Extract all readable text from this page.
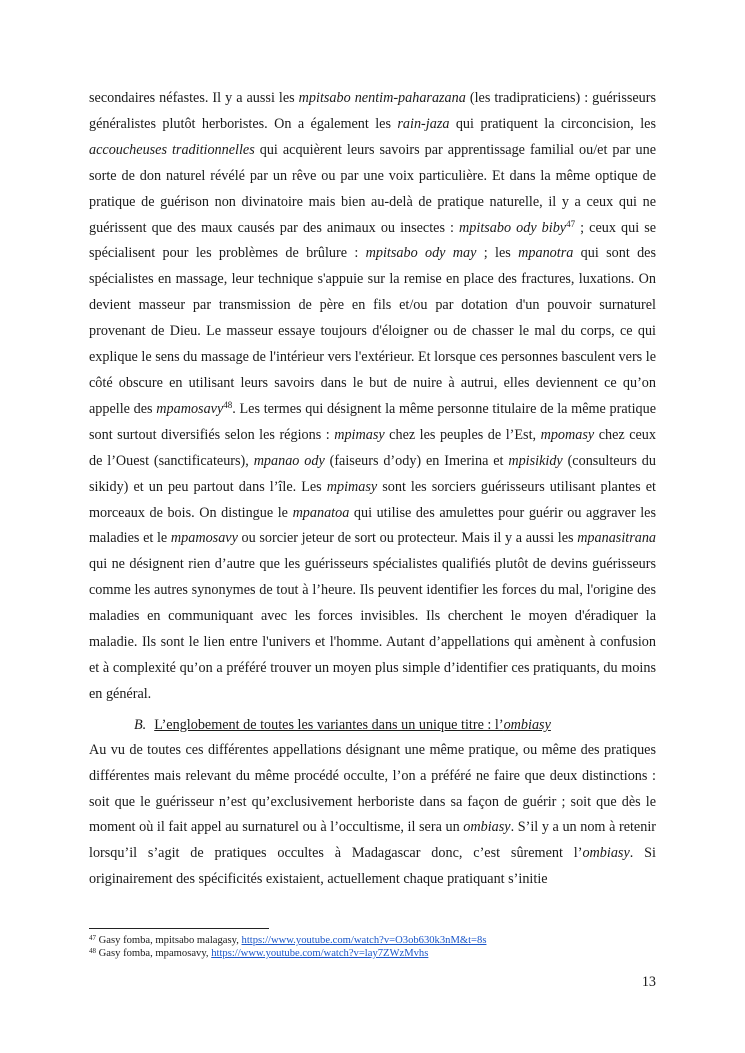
secondaires néfastes. Il y a aussi les mpitsabo nentim-paharazana (les tradipraticiens) : guérisseurs généralistes plutôt herboristes. On a également les rain-jaza qui pratiquent la circoncision, les accoucheuses traditionnelles qui acquièrent leurs savoirs par apprentissage familial ou/et par une sorte de don naturel révélé par un rêve ou par une voix particulière. Et dans la même optique de pratique de guérison non divinatoire mais bien au-delà de pratique naturelle, il y a ceux qui ne guérissent que des maux causés par des animaux ou insectes : mpitsabo ody biby$^{47}$ ; ceux qui se spécialisent pour les problèmes de brûlure : mpitsabo ody may ; les mpanotra qui sont des spécialistes en massage, leur technique s'appuie sur la remise en place des fractures, luxations. On devient masseur par transmission de père en fils et/ou par dotation d'un pouvoir surnaturel provenant de Dieu. Le masseur essaye toujours d'éloigner ou de chasser le mal du corps, ce qui explique le sens du massage de l'intérieur vers l'extérieur. Et lorsque ces personnes basculent vers le côté obscure en utilisant leurs savoirs dans le but de nuire à autrui, elles deviennent ce qu’on appelle des mpamosavy$^{48}$. Les termes qui désignent la même personne titulaire de la même pratique sont surtout diversifiés selon les régions : mpimasy chez les peuples de l’Est, mpomasy chez ceux de l’Ouest (sanctificateurs), mpanao ody (faiseurs d’ody) en Imerina et mpisikidy (consulteurs du sikidy) et un peu partout dans l’île. Les mpimasy sont les sorciers guérisseurs utilisant plantes et morceaux de bois. On distingue le mpanatoa qui utilise des amulettes pour guérir ou aggraver les maladies et le mpamosavy ou sorcier jeteur de sort ou protecteur. Mais il y a aussi les mpanasitrana qui ne désignent rien d’autre que les guérisseurs spécialistes qualifiés plutôt de devins guérisseurs comme les autres synonymes de tout à l’heure. Ils peuvent identifier les forces du mal, l'origine des maladies en communiquant avec les forces invisibles. Ils cherchent le moyen d'éradiquer la maladie. Ils sont le lien entre l'univers et l'homme. Autant d’appellations qui amènent à confusion et à complexité qu’on a préféré trouver un moyen plus simple d’identifier ces pratiquants, du moins en général.

B. L’englobement de toutes les variantes dans un unique titre : l’ombiasy

Au vu de toutes ces différentes appellations désignant une même pratique, ou même des pratiques différentes mais relevant du même procédé occulte, l’on a préféré ne faire que deux distinctions : soit que le guérisseur n’est qu’exclusivement herboriste dans sa façon de guérir ; soit que dès le moment où il fait appel au surnaturel ou à l’occultisme, il sera un ombiasy. S’il y a un nom à retenir lorsqu’il s’agit de pratiques occultes à Madagascar donc, c’est sûrement l’ombiasy. Si originairement des spécificités existaient, actuellement chaque pratiquant s’initie

$^{47}$ Gasy fomba, mpitsabo malagasy, https://www.youtube.com/watch?v=O3ob630k3nM&t=8s

$^{48}$ Gasy fomba, mpamosavy, https://www.youtube.com/watch?v=lay7ZWzMvhs

13
